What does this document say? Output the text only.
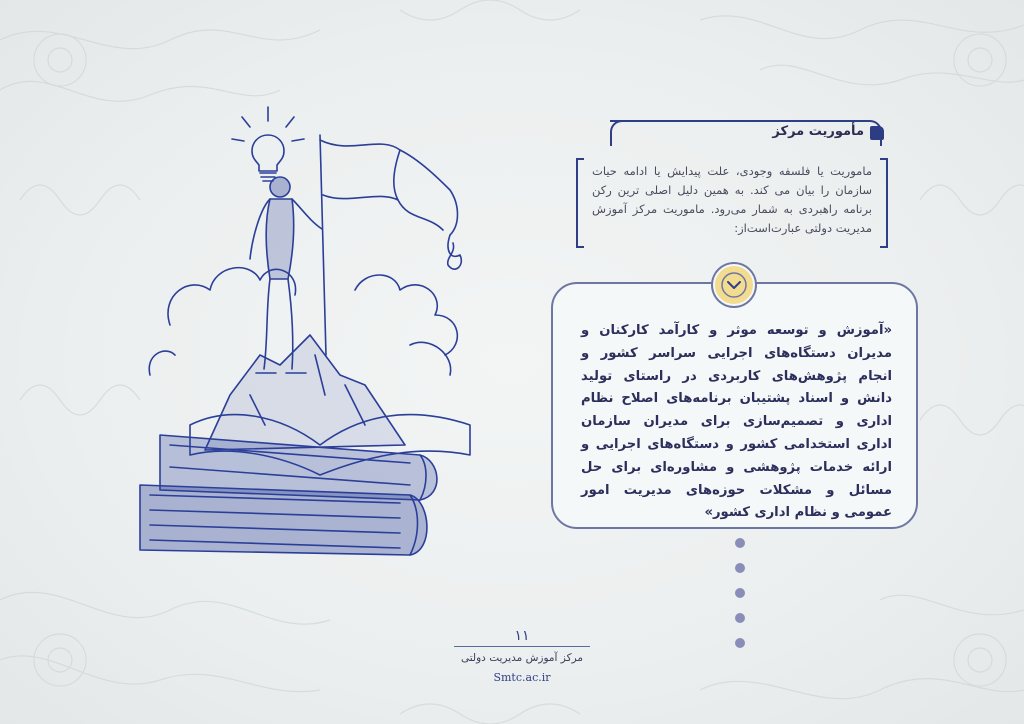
مأموریت مرکز
ماموریت یا فلسفه وجودی، علت پیدایش یا ادامه حیات سازمان را بیان می کند. به همین دلیل اصلی ترین رکن برنامه راهبردی به شمار می‌رود. ماموریت مرکز آموزش مدیریت دولتی عبارت‌است‌از:
«آموزش و توسعه موثر و کارآمد کارکنان و مدیران دستگاه‌های اجرایی سراسر کشور و انجام پژوهش‌های کاربردی در راستای تولید دانش و اسناد پشتیبان برنامه‌های اصلاح نظام اداری و تصمیم‌سازی برای مدیران سازمان اداری استخدامی کشور و دستگاه‌های اجرایی و ارائه خدمات پژوهشی و مشاوره‌ای برای حل مسائل و مشکلات حوزه‌های مدیریت امور عمومی و نظام اداری کشور»
۱۱
مرکز آموزش مدیریت دولتی
Smtc.ac.ir
